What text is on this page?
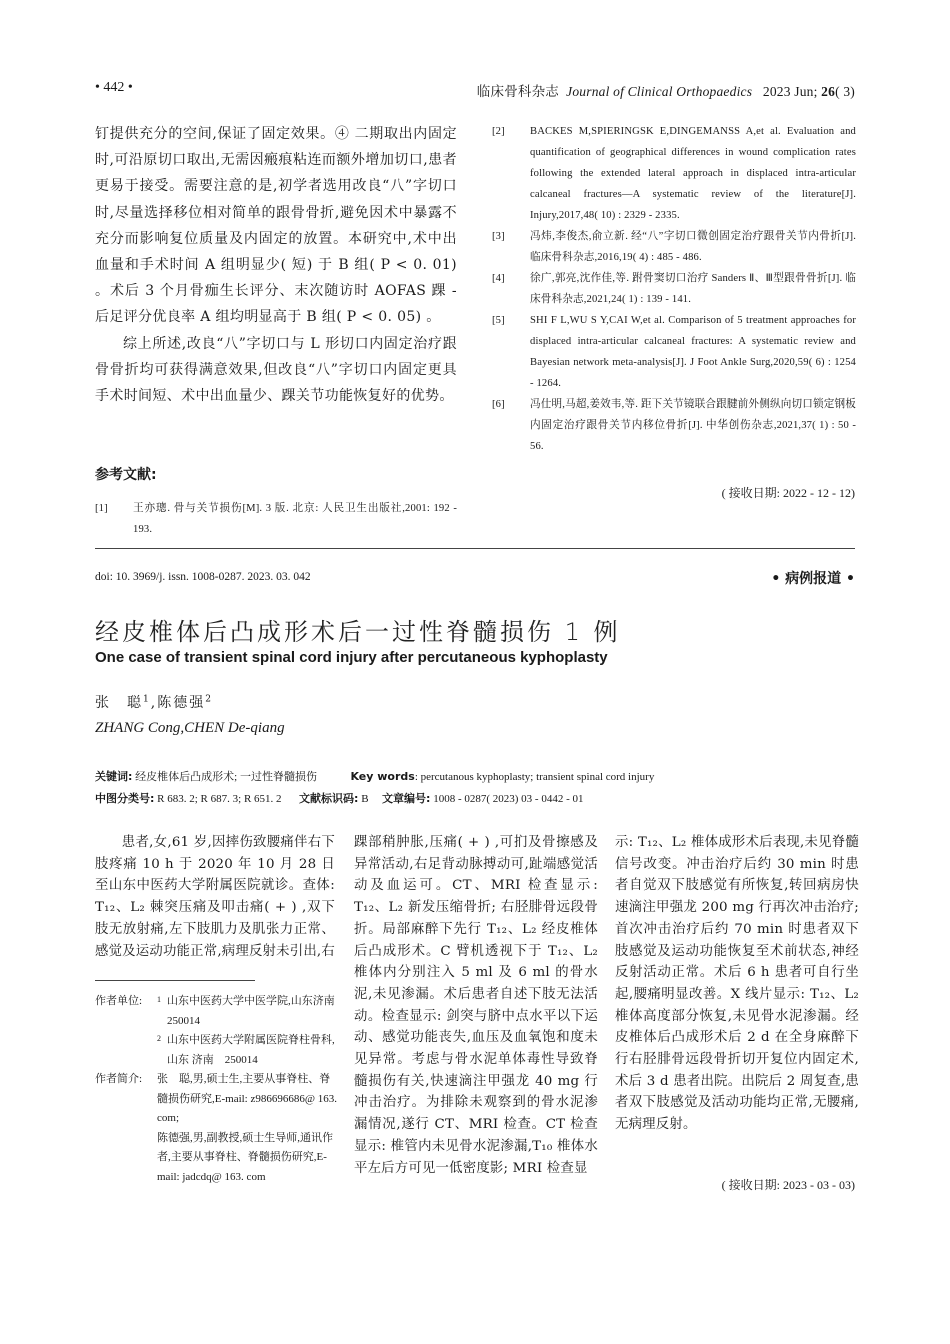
• 442 •	临床骨科杂志 Journal of Clinical Orthopaedics 2023 Jun; 26( 3)

钉提供充分的空间,保证了固定效果。④ 二期取出内固定时,可沿原切口取出,无需因瘢痕粘连而额外增加切口,患者更易于接受。需要注意的是,初学者选用改良“八”字切口时,尽量选择移位相对简单的跟骨骨折,避免因术中暴露不充分而影响复位质量及内固定的放置。本研究中,术中出血量和手术时间 A 组明显少( 短) 于 B 组( P < 0. 01) 。术后 3 个月骨痂生长评分、末次随访时 AOFAS 踝 - 后足评分优良率 A 组均明显高于 B 组( P < 0. 05) 。

综上所述,改良“八”字切口与 L 形切口内固定治疗跟骨骨折均可获得满意效果,但改良“八”字切口内固定更具手术时间短、术中出血量少、踝关节功能恢复好的优势。

参考文献:
[1] 王亦璁. 骨与关节损伤[M]. 3 版. 北京: 人民卫生出版社,2001: 192 - 193.
[2] BACKES M,SPIERINGSK E,DINGEMANSS A,et al. Evaluation and quantification of geographical differences in wound complication rates following the extended lateral approach in displaced intra-articular calcaneal fractures—A systematic review of the literature[J]. Injury,2017,48( 10) : 2329 - 2335.
[3] 冯炜,李俊杰,俞立新. 经“八”字切口微创固定治疗跟骨关节内骨折[J]. 临床骨科杂志,2016,19( 4) : 485 - 486.
[4] 徐广,郭亮,沈作佳,等. 跗骨窦切口治疗 Sanders Ⅱ、Ⅲ型跟骨骨折[J]. 临床骨科杂志,2021,24( 1) : 139 - 141.
[5] SHI F L,WU S Y,CAI W,et al. Comparison of 5 treatment approaches for displaced intra-articular calcaneal fractures: A systematic review and Bayesian network meta-analysis[J]. J Foot Ankle Surg,2020,59( 6) : 1254 - 1264.
[6] 冯仕明,马超,姜效韦,等. 距下关节镜联合跟腱前外侧纵向切口锁定钢板内固定治疗跟骨关节内移位骨折[J]. 中华创伤杂志,2021,37( 1) : 50 - 56.
( 接收日期: 2022 - 12 - 12)
doi: 10. 3969/j. issn. 1008-0287. 2023. 03. 042	• 病例报道 •
经皮椎体后凸成形术后一过性脊髓损伤 1 例
One case of transient spinal cord injury after percutaneous kyphoplasty
张　聪$^1$,陈德强$^2$
ZHANG Cong,CHEN De-qiang
关键词: 经皮椎体后凸成形术; 一过性脊髓损伤	Key words: percutanous kyphoplasty; transient spinal cord injury
中图分类号: R 683. 2; R 687. 3; R 651. 2 文献标识码: B 文章编号: 1008 - 0287( 2023) 03 - 0442 - 01

患者,女,61 岁,因摔伤致腰痛伴右下肢疼痛 10 h 于 2020 年 10 月 28 日至山东中医药大学附属医院就诊。查体: T₁₂、L₂ 棘突压痛及叩击痛( + ) ,双下肢无放射痛,左下肢肌力及肌张力正常、感觉及运动功能正常,病理反射未引出,右

作者单位: 1 山东中医药大学中医学院,山东济南　250014
2 山东中医药大学附属医院脊柱骨科,山东 济南　250014
作者简介: 张　聪,男,硕士生,主要从事脊柱、脊髓损伤研究,E-mail: z986696686@ 163. com;
陈德强,男,副教授,硕士生导师,通讯作者,主要从事脊柱、脊髓损伤研究,E-mail: jadcdq@ 163. com

踝部稍肿胀,压痛( + ) ,可扪及骨擦感及异常活动,右足背动脉搏动可,趾端感觉活动及血运可。CT、MRI 检查显示: T₁₂、L₂ 新发压缩骨折; 右胫腓骨远段骨折。局部麻醉下先行 T₁₂、L₂ 经皮椎体后凸成形术。C 臂机透视下于 T₁₂、L₂ 椎体内分别注入 5 ml 及 6 ml 的骨水泥,未见渗漏。术后患者自述下肢无法活动。检查显示: 剑突与脐中点水平以下运动、感觉功能丧失,血压及血氧饱和度未见异常。考虑与骨水泥单体毒性导致脊髓损伤有关,快速滴注甲强龙 40 mg 行冲击治疗。为排除未观察到的骨水泥渗漏情况,遂行 CT、MRI 检查。CT 检查显示: 椎管内未见骨水泥渗漏,T₁₀ 椎体水平左后方可见一低密度影; MRI 检查显

示: T₁₂、L₂ 椎体成形术后表现,未见脊髓信号改变。冲击治疗后约 30 min 时患者自觉双下肢感觉有所恢复,转回病房快速滴注甲强龙 200 mg 行再次冲击治疗; 首次冲击治疗后约 70 min 时患者双下肢感觉及运动功能恢复至术前状态,神经反射活动正常。术后 6 h 患者可自行坐起,腰痛明显改善。X 线片显示: T₁₂、L₂ 椎体高度部分恢复,未见骨水泥渗漏。经皮椎体后凸成形术后 2 d 在全身麻醉下行右胫腓骨远段骨折切开复位内固定术,术后 3 d 患者出院。出院后 2 周复查,患者双下肢感觉及活动功能均正常,无腰痛,无病理反射。

( 接收日期: 2023 - 03 - 03)
